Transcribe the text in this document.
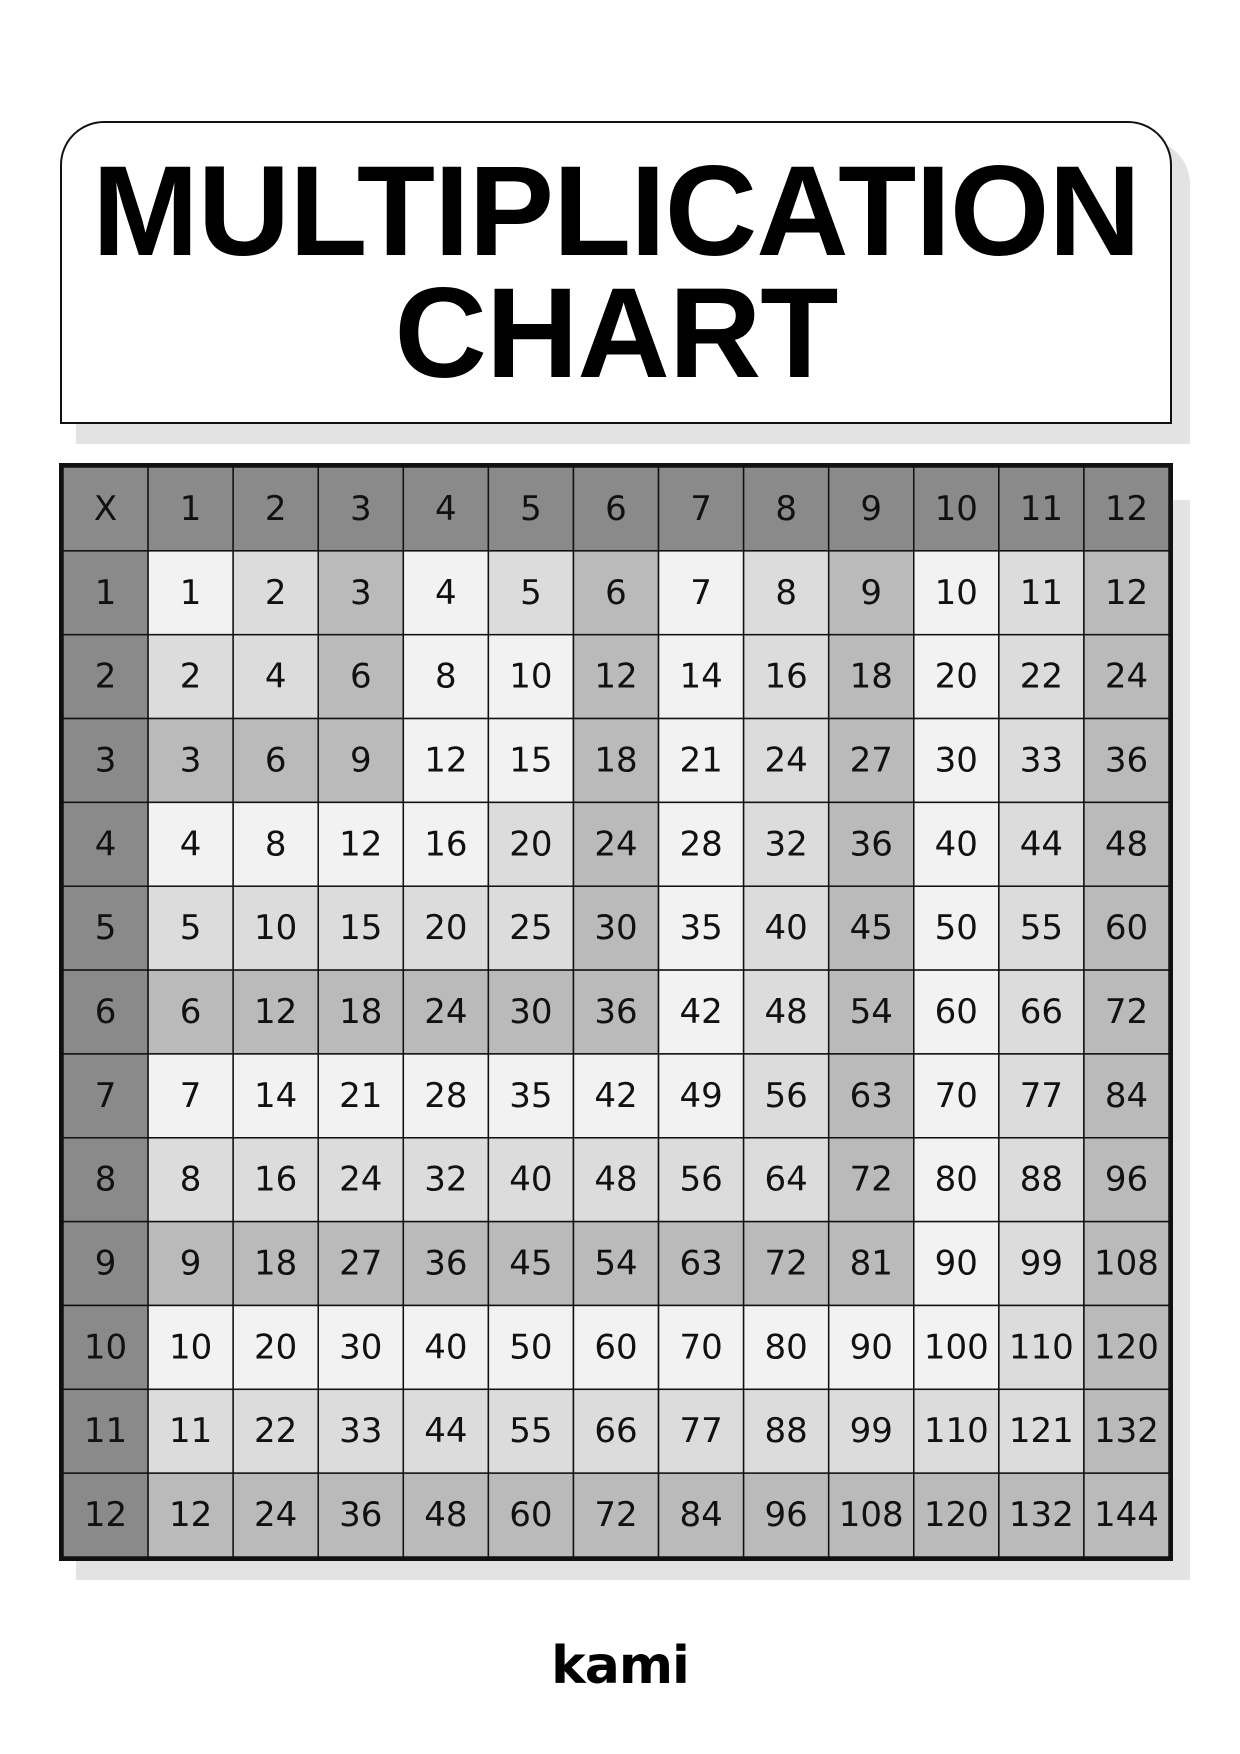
MULTIPLICATION
CHART
X 1 2 3 4 5 6 7 8 9 10 11 12
1
2
3
4
5
6
7
8
9
10
11
12
1 2 3 4 5 6 7 8 9 10 11 12
2 4 6 8 10 12 14 16 18 20 22 24
3 6 9 12 15 18 21 24 27 30 33 36
4 8 12 16 20 24 28 32 36 40 44 48
5 10 15 20 25 30 35 40 45 50 55 60
6 12 18 24 30 36 42 48 54 60 66 72
7 14 21 28 35 42 49 56 63 70 77 84
8 16 24 32 40 48 56 64 72 80 88 96
9 18 27 36 45 54 63 72 81 90 99 108
10 20 30 40 50 60 70 80 90 100 110 120
11 22 33 44 55 66 77 88 99 110 121 132
12 24 36 48 60 72 84 96 108 120 132 144
kami
